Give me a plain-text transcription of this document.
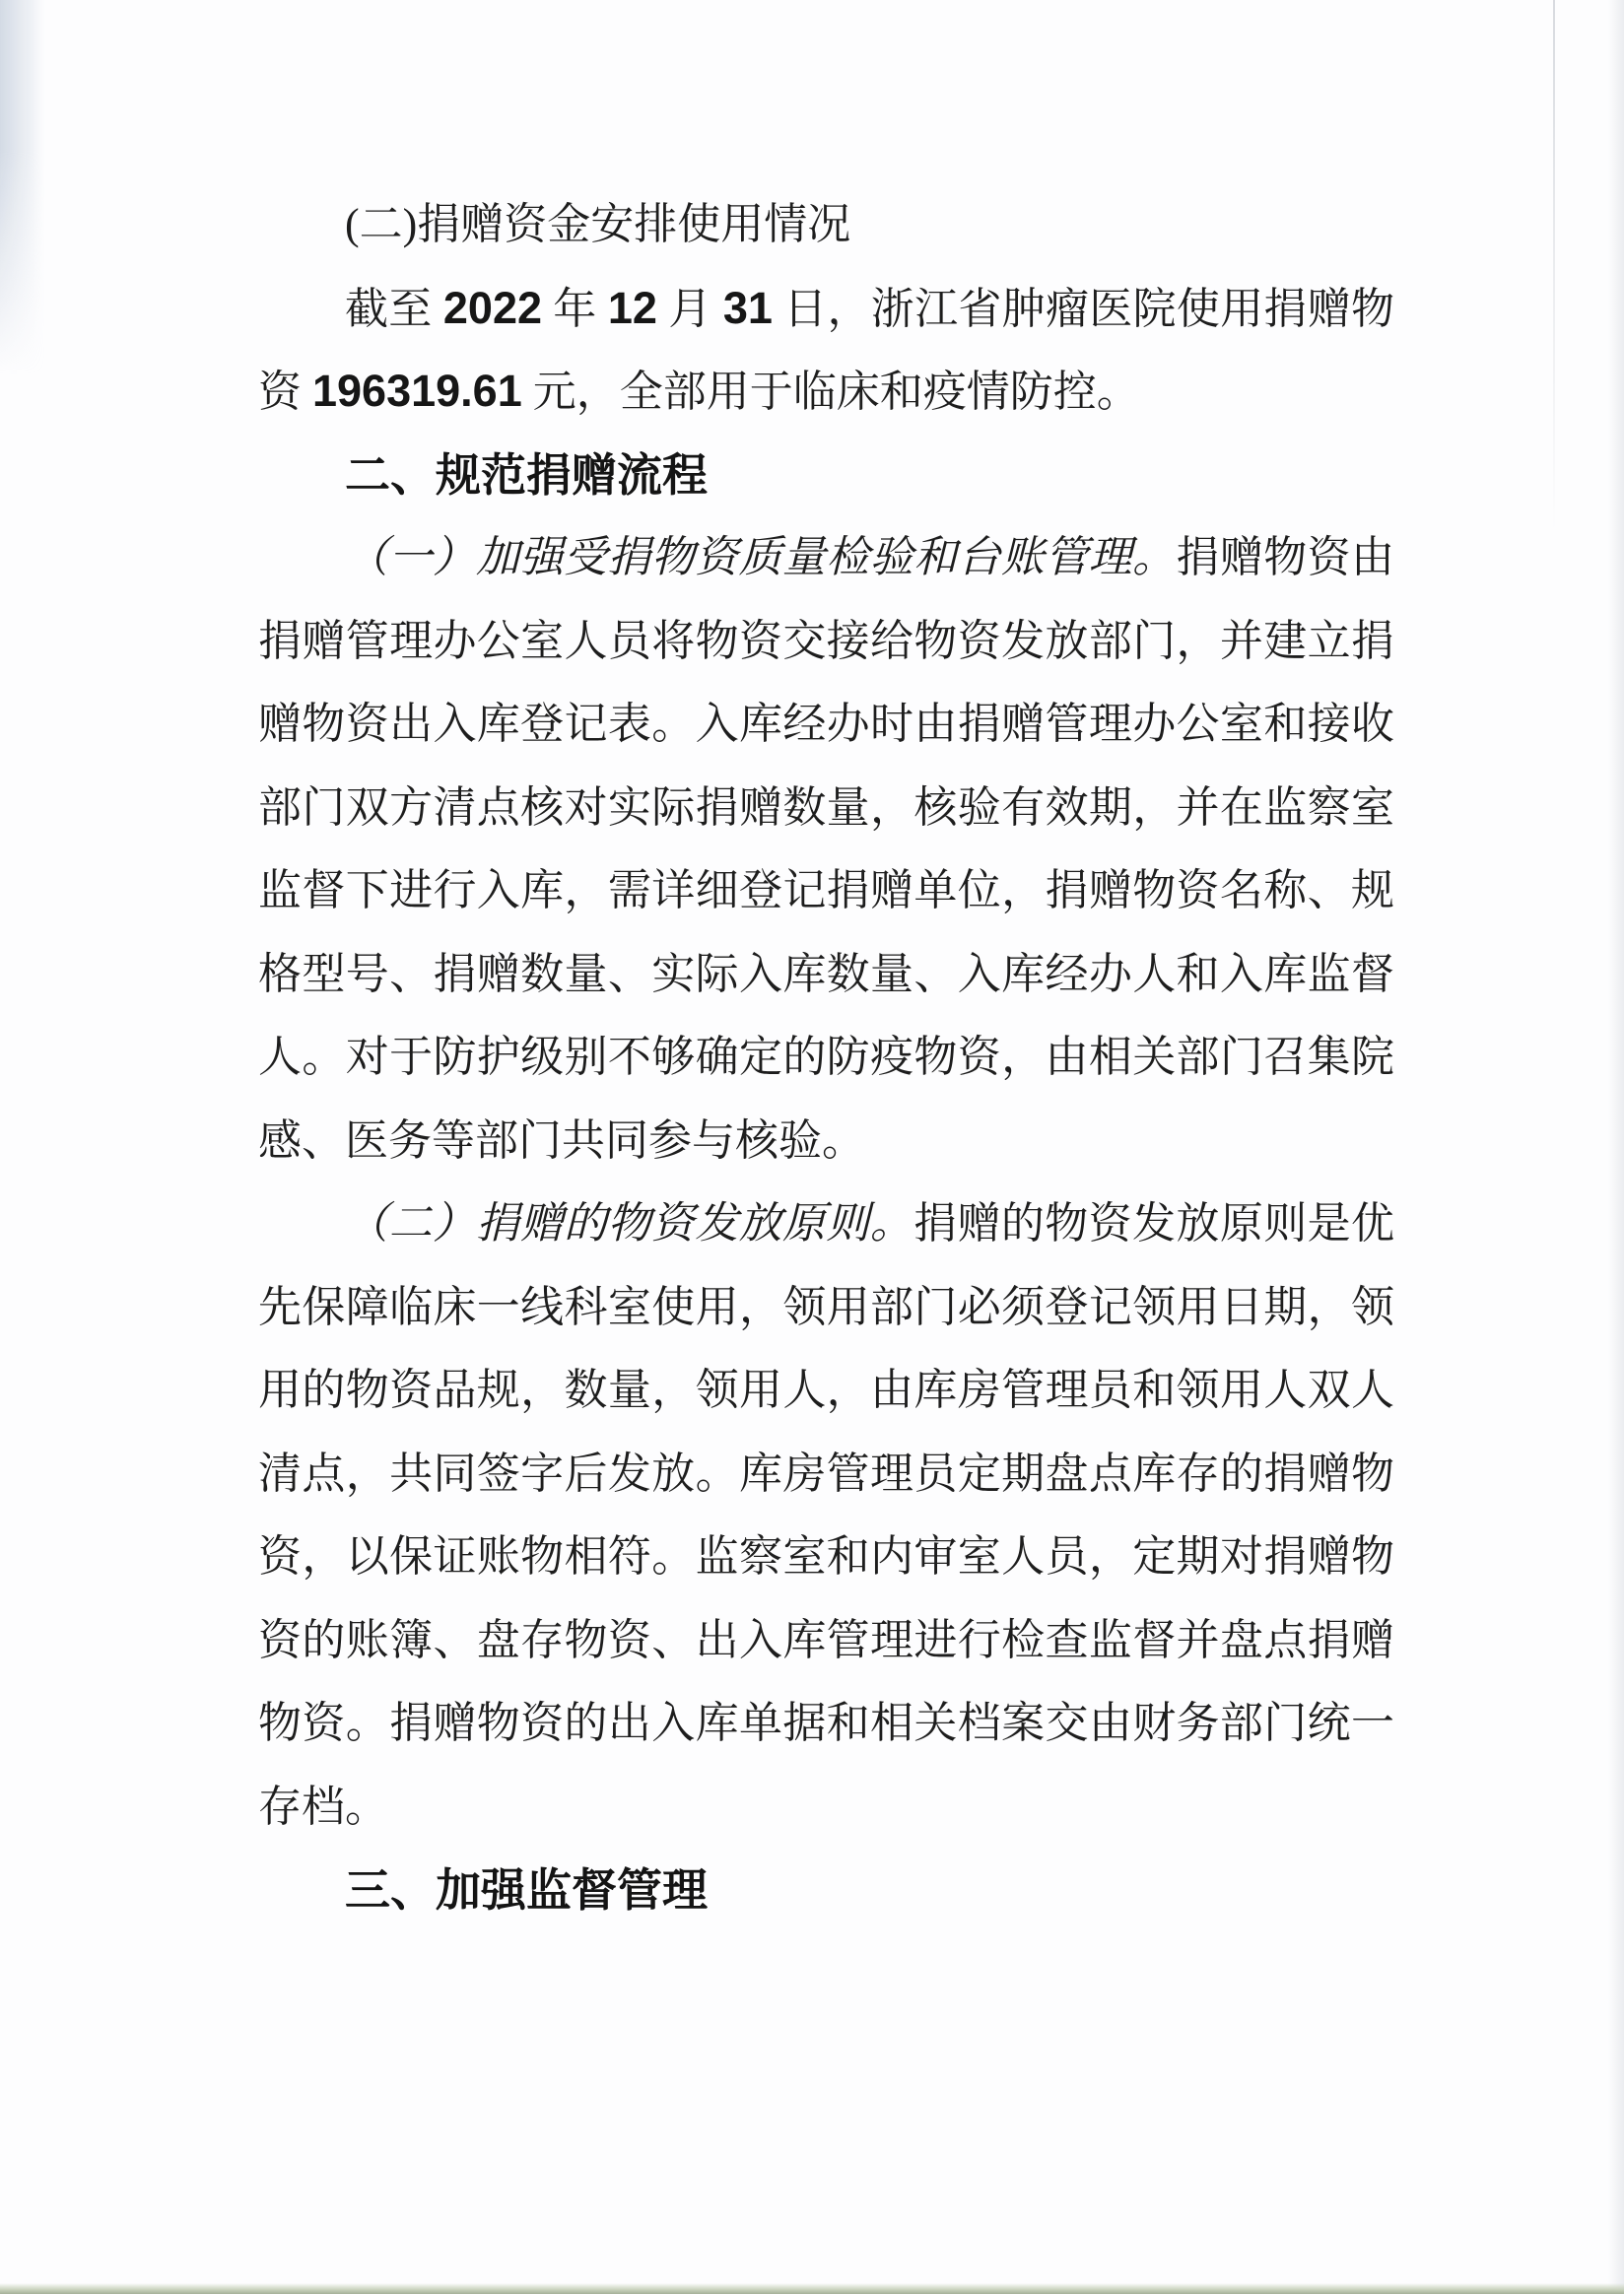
(二)捐赠资金安排使用情况
截至 2022 年 12 月 31 日，浙江省肿瘤医院使用捐赠物
资 196319.61 元，全部用于临床和疫情防控。
二、规范捐赠流程
（一）加强受捐物资质量检验和台账管理。捐赠物资由
捐赠管理办公室人员将物资交接给物资发放部门，并建立捐
赠物资出入库登记表。入库经办时由捐赠管理办公室和接收
部门双方清点核对实际捐赠数量，核验有效期，并在监察室
监督下进行入库，需详细登记捐赠单位，捐赠物资名称、规
格型号、捐赠数量、实际入库数量、入库经办人和入库监督
人。对于防护级别不够确定的防疫物资，由相关部门召集院
感、医务等部门共同参与核验。
（二）捐赠的物资发放原则。捐赠的物资发放原则是优
先保障临床一线科室使用，领用部门必须登记领用日期，领
用的物资品规，数量，领用人，由库房管理员和领用人双人
清点，共同签字后发放。库房管理员定期盘点库存的捐赠物
资，以保证账物相符。监察室和内审室人员，定期对捐赠物
资的账簿、盘存物资、出入库管理进行检查监督并盘点捐赠
物资。捐赠物资的出入库单据和相关档案交由财务部门统一
存档。
三、加强监督管理
